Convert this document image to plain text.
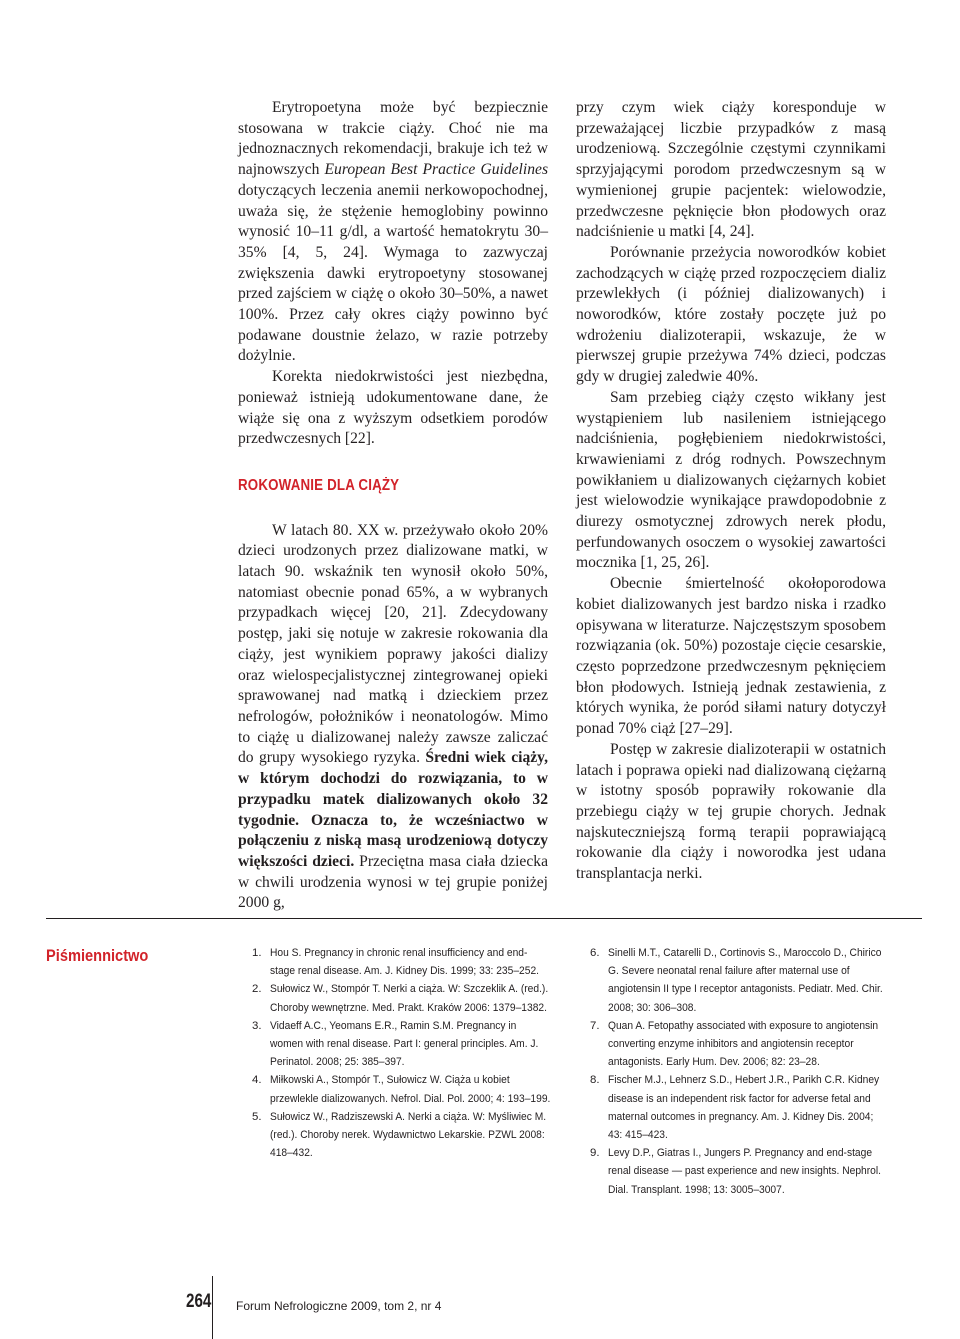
Erytropoetyna może być bezpiecznie stosowana w trakcie ciąży. Choć nie ma jednoznacznych rekomendacji, brakuje ich też w najnowszych European Best Practice Guidelines dotyczących leczenia anemii nerkowopochodnej, uważa się, że stężenie hemoglobiny powinno wynosić 10–11 g/dl, a wartość hematokrytu 30–35% [4, 5, 24]. Wymaga to zazwyczaj zwiększenia dawki erytropoetyny stosowanej przed zajściem w ciążę o około 30–50%, a nawet 100%. Przez cały okres ciąży powinno być podawane doustnie żelazo, w razie potrzeby dożylnie.

Korekta niedokrwistości jest niezbędna, ponieważ istnieją udokumentowane dane, że wiąże się ona z wyższym odsetkiem porodów przedwczesnych [22].

ROKOWANIE DLA CIĄŻY

W latach 80. XX w. przeżywało około 20% dzieci urodzonych przez dializowane matki, w latach 90. wskaźnik ten wynosił około 50%, natomiast obecnie ponad 65%, a w wybranych przypadkach więcej [20, 21]. Zdecydowany postęp, jaki się notuje w zakresie rokowania dla ciąży, jest wynikiem poprawy jakości dializy oraz wielospecjalistycznej zintegrowanej opieki sprawowanej nad matką i dzieckiem przez nefrologów, położników i neonatologów. Mimo to ciążę u dializowanej należy zawsze zaliczać do grupy wysokiego ryzyka. Średni wiek ciąży, w którym dochodzi do rozwiązania, to w przypadku matek dializowanych około 32 tygodnie. Oznacza to, że wcześniactwo w połączeniu z niską masą urodzeniową dotyczy większości dzieci. Przeciętna masa ciała dziecka w chwili urodzenia wynosi w tej grupie poniżej 2000 g,

przy czym wiek ciąży koresponduje w przeważającej liczbie przypadków z masą urodzeniową. Szczególnie częstymi czynnikami sprzyjającymi porodom przedwczesnym są w wymienionej grupie pacjentek: wielowodzie, przedwczesne pęknięcie błon płodowych oraz nadciśnienie u matki [4, 24].

Porównanie przeżycia noworodków kobiet zachodzących w ciążę przed rozpoczęciem dializ przewlekłych (i później dializowanych) i noworodków, które zostały poczęte już po wdrożeniu dializoterapii, wskazuje, że w pierwszej grupie przeżywa 74% dzieci, podczas gdy w drugiej zaledwie 40%.

Sam przebieg ciąży często wikłany jest wystąpieniem lub nasileniem istniejącego nadciśnienia, pogłębieniem niedokrwistości, krwawieniami z dróg rodnych. Powszechnym powikłaniem u dializowanych ciężarnych kobiet jest wielowodzie wynikające prawdopodobnie z diurezy osmotycznej zdrowych nerek płodu, perfundowanych osoczem o wysokiej zawartości mocznika [1, 25, 26].

Obecnie śmiertelność okołoporodowa kobiet dializowanych jest bardzo niska i rzadko opisywana w literaturze. Najczęstszym sposobem rozwiązania (ok. 50%) pozostaje cięcie cesarskie, często poprzedzone przedwczesnym pęknięciem błon płodowych. Istnieją jednak zestawienia, z których wynika, że poród siłami natury dotyczył ponad 70% ciąż [27–29].

Postęp w zakresie dializoterapii w ostatnich latach i poprawa opieki nad dializowaną ciężarną w istotny sposób poprawiły rokowanie dla przebiegu ciąży w tej grupie chorych. Jednak najskuteczniejszą formą terapii poprawiającą rokowanie dla ciąży i noworodka jest udana transplantacja nerki.

Piśmiennictwo	1. Hou S. Pregnancy in chronic renal insufficiency and end-stage renal disease. Am. J. Kidney Dis. 1999; 33: 235–252.
2. Sułowicz W., Stompór T. Nerki a ciąża. W: Szczeklik A. (red.). Choroby wewnętrzne. Med. Prakt. Kraków 2006: 1379–1382.
3. Vidaeff A.C., Yeomans E.R., Ramin S.M. Pregnancy in women with renal disease. Part I: general principles. Am. J. Perinatol. 2008; 25: 385–397.
4. Miłkowski A., Stompór T., Sułowicz W. Ciąża u kobiet przewlekle dializowanych. Nefrol. Dial. Pol. 2000; 4: 193–199.
5. Sułowicz W., Radziszewski A. Nerki a ciąża. W: Myśliwiec M. (red.). Choroby nerek. Wydawnictwo Lekarskie. PZWL 2008: 418–432.
6. Sinelli M.T., Catarelli D., Cortinovis S., Maroccolo D., Chirico G. Severe neonatal renal failure after maternal use of angiotensin II type I receptor antagonists. Pediatr. Med. Chir. 2008; 30: 306–308.
7. Quan A. Fetopathy associated with exposure to angiotensin converting enzyme inhibitors and angiotensin receptor antagonists. Early Hum. Dev. 2006; 82: 23–28.
8. Fischer M.J., Lehnerz S.D., Hebert J.R., Parikh C.R. Kidney disease is an independent risk factor for adverse fetal and maternal outcomes in pregnancy. Am. J. Kidney Dis. 2004; 43: 415–423.
9. Levy D.P., Giatras I., Jungers P. Pregnancy and end-stage renal disease — past experience and new insights. Nephrol. Dial. Transplant. 1998; 13: 3005–3007.
264 Forum Nefrologiczne 2009, tom 2, nr 4
